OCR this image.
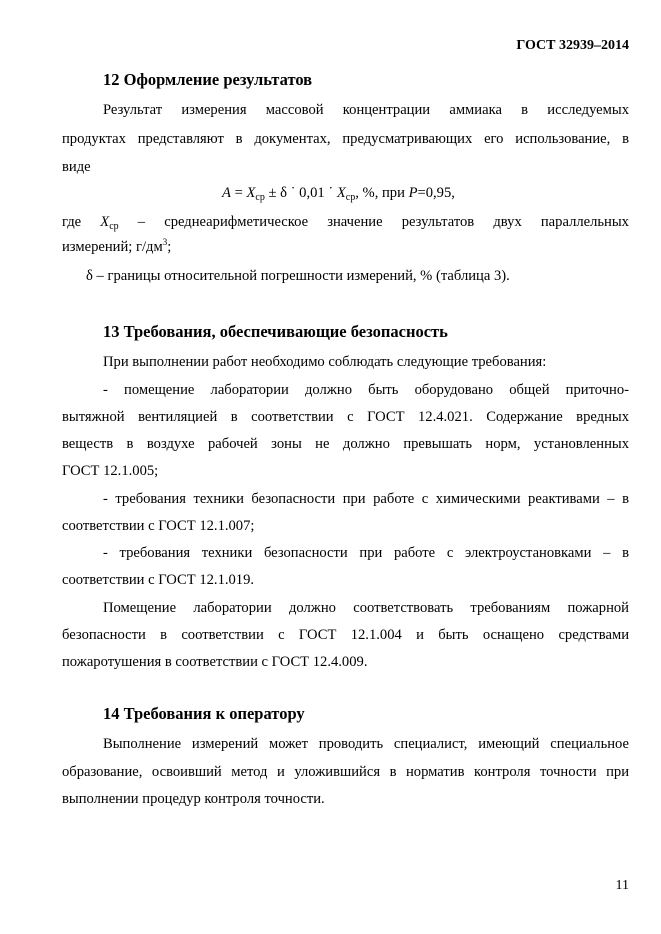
ГОСТ 32939–2014
12 Оформление результатов
Результат измерения массовой концентрации аммиака в исследуемых
продуктах представляют в документах, предусматривающих его использование, в
виде
$A = X_{ср} \pm \delta$ ˙ 0,01 ˙ $X_{ср}$, %, при P=0,95,
где $X_{ср}$ – среднеарифметическое значение результатов двух параллельных
измерений; $г/дм^3$;
δ – границы относительной погрешности измерений, % (таблица 3).
13 Требования, обеспечивающие безопасность
При выполнении работ необходимо соблюдать следующие требования:
- помещение лаборатории должно быть оборудовано общей приточно-
вытяжной вентиляцией в соответствии с ГОСТ 12.4.021. Содержание вредных
веществ в воздухе рабочей зоны не должно превышать норм, установленных
ГОСТ 12.1.005;
- требования техники безопасности при работе с химическими реактивами – в
соответствии с ГОСТ 12.1.007;
- требования техники безопасности при работе с электроустановками – в
соответствии с ГОСТ 12.1.019.
Помещение лаборатории должно соответствовать требованиям пожарной
безопасности в соответствии с ГОСТ 12.1.004 и быть оснащено средствами
пожаротушения в соответствии с ГОСТ 12.4.009.
14 Требования к оператору
Выполнение измерений может проводить специалист, имеющий специальное
образование, освоивший метод и уложившийся в норматив контроля точности при
выполнении процедур контроля точности.
11
